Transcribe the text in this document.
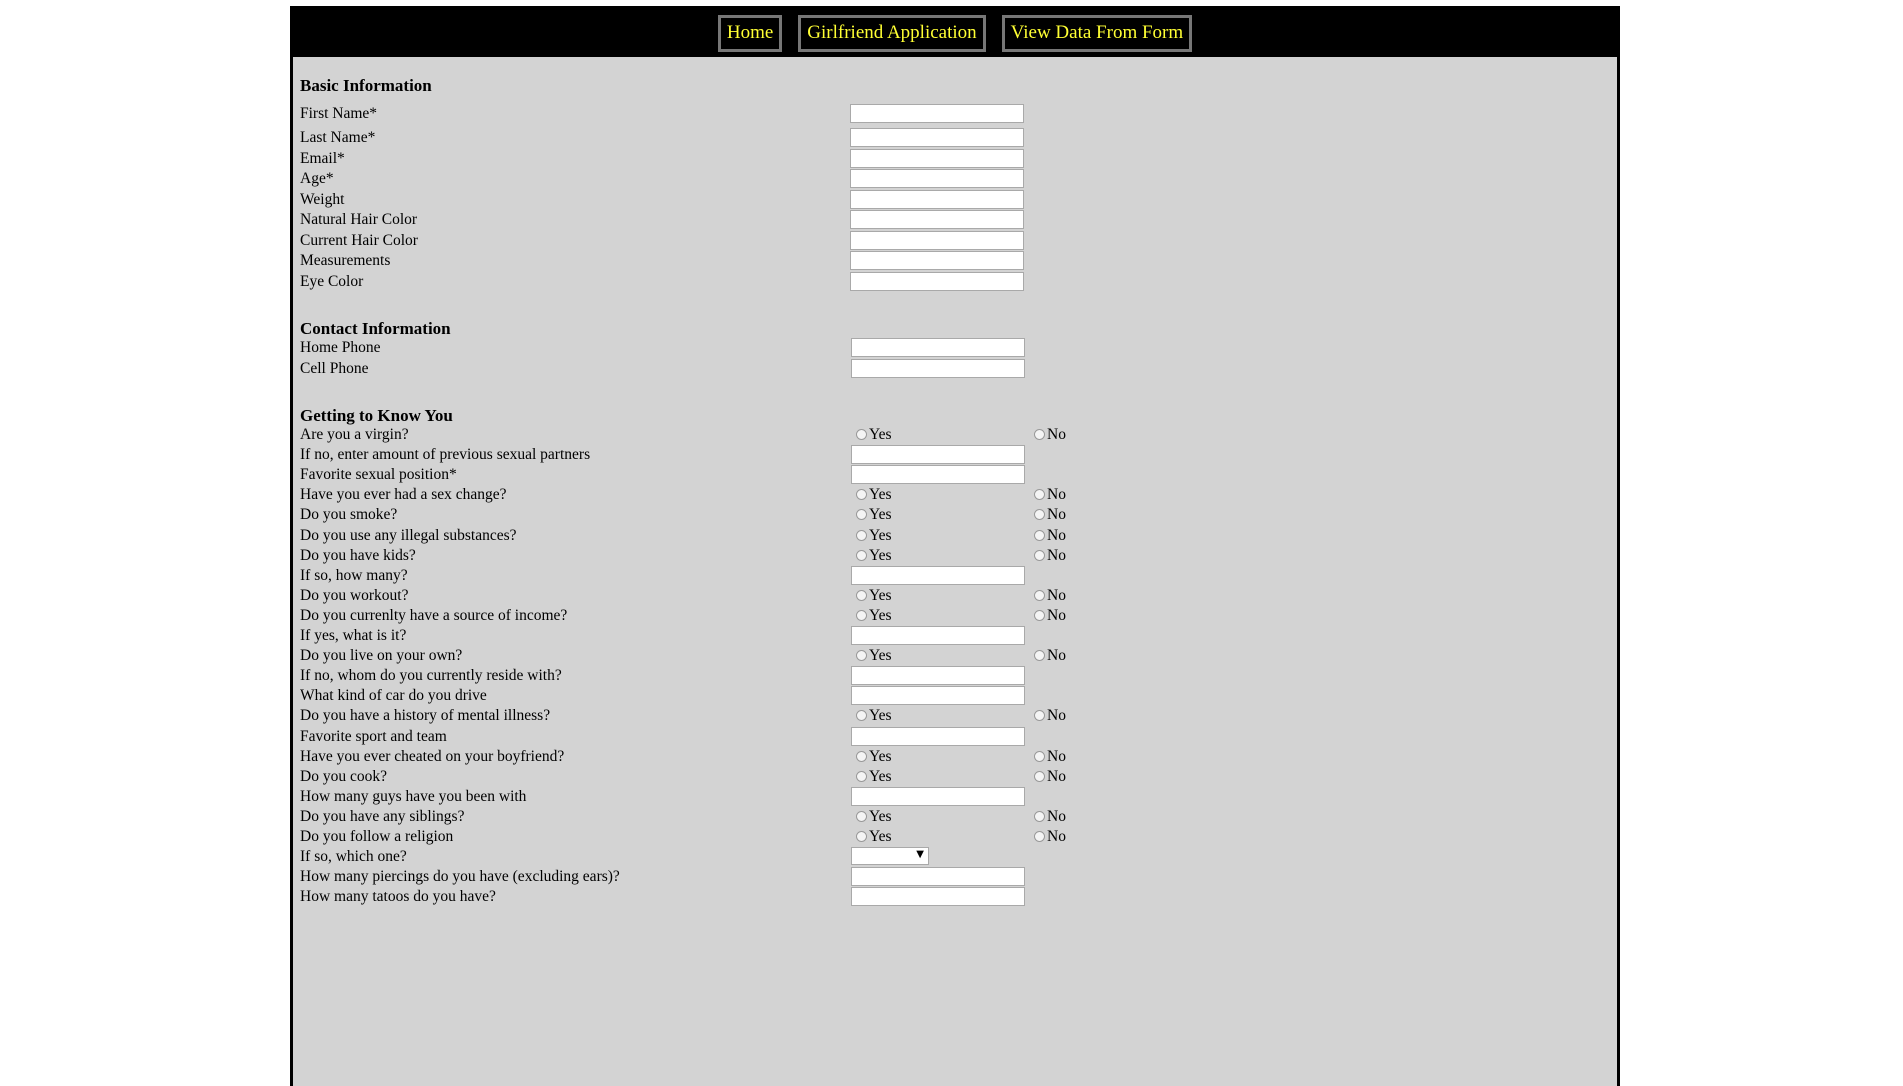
Home	Girlfriend Application	View Data From Form
Basic Information
Contact Information
Getting to Know You
First Name*
Last Name*
Email*
Age*
Weight
Natural Hair Color
Current Hair Color
Measurements
Eye Color
Home Phone
Cell Phone
Are you a virgin?	Yes	No
If no, enter amount of previous sexual partners
Favorite sexual position*
Have you ever had a sex change?	Yes	No
Do you smoke?	Yes	No
Do you use any illegal substances?	Yes	No
Do you have kids?	Yes	No
If so, how many?
Do you workout?	Yes	No
Do you currenlty have a source of income?	Yes	No
If yes, what is it?
Do you live on your own?	Yes	No
If no, whom do you currently reside with?
What kind of car do you drive
Do you have a history of mental illness?	Yes	No
Favorite sport and team
Have you ever cheated on your boyfriend?	Yes	No
Do you cook?	Yes	No
How many guys have you been with
Do you have any siblings?	Yes	No
Do you follow a religion	Yes	No
If so, which one?	▼
How many piercings do you have (excluding ears)?
How many tatoos do you have?
